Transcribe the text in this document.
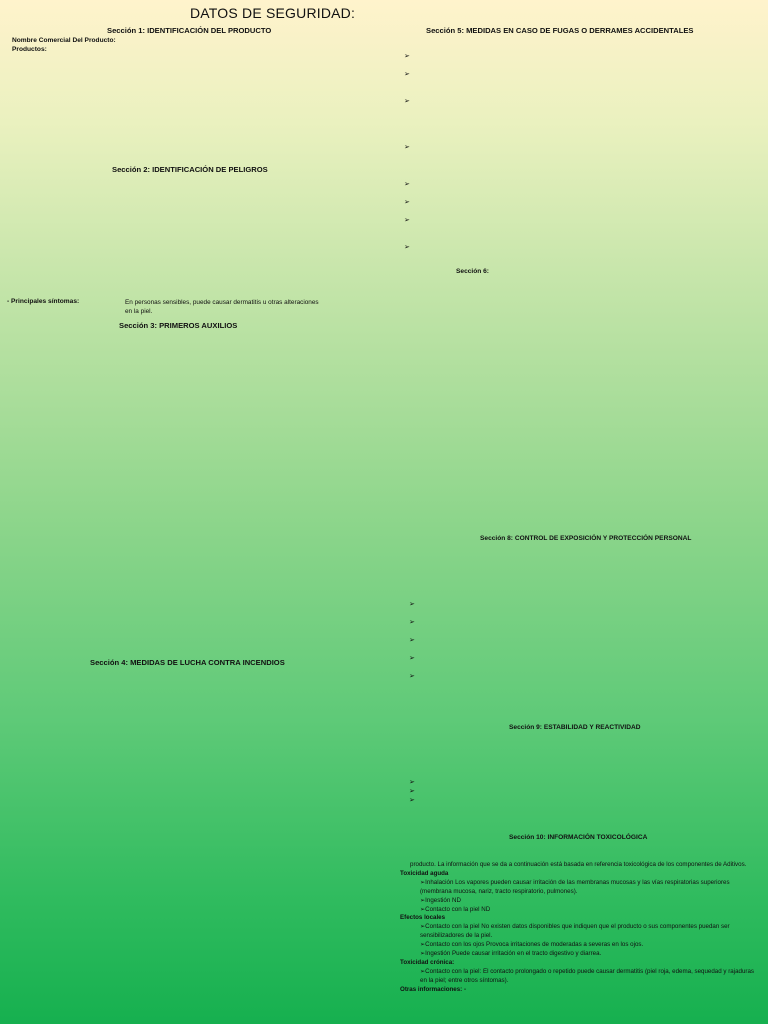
DATOS DE SEGURIDAD:
Sección 1: IDENTIFICACIÓN DEL PRODUCTO
Nombre Comercial Del Producto:
Productos:
Sección 2: IDENTIFICACIÓN DE PELIGROS
- Principales síntomas:	En personas sensibles, puede causar dermatitis u otras alteraciones en la piel.
Sección 3: PRIMEROS AUXILIOS
Sección 4: MEDIDAS DE LUCHA CONTRA INCENDIOS
Sección 5: MEDIDAS EN CASO DE FUGAS O DERRAMES ACCIDENTALES
➢
➢
➢
➢
➢
➢
➢
➢
Sección 6:
Sección 8: CONTROL DE EXPOSICIÓN Y PROTECCIÓN PERSONAL
➢
➢
➢
➢
➢
Sección 9: ESTABILIDAD Y REACTIVIDAD
➢
➢
➢
Sección 10: INFORMACIÓN TOXICOLÓGICA
producto. La información que se da a continuación está basada en referencia toxicológica de los componentes de Aditivos.
Toxicidad aguda
➢Inhalación Los vapores pueden causar irritación de las membranas mucosas y las vías respiratorias superiores (membrana mucosa, nariz, tracto respiratorio, pulmones).
➢Ingestión ND
➢Contacto con la piel ND
Efectos locales
➢Contacto con la piel No existen datos disponibles que indiquen que el producto o sus componentes puedan ser sensibilizadores de la piel.
➢Contacto con los ojos Provoca irritaciones de moderadas a severas en los ojos.
➢Ingestión Puede causar irritación en el tracto digestivo y diarrea.
Toxicidad crónica:
➢Contacto con la piel: El contacto prolongado o repetido puede causar dermatitis (piel roja, edema, sequedad y rajaduras en la piel; entre otros síntomas).
Otras informaciones: -
